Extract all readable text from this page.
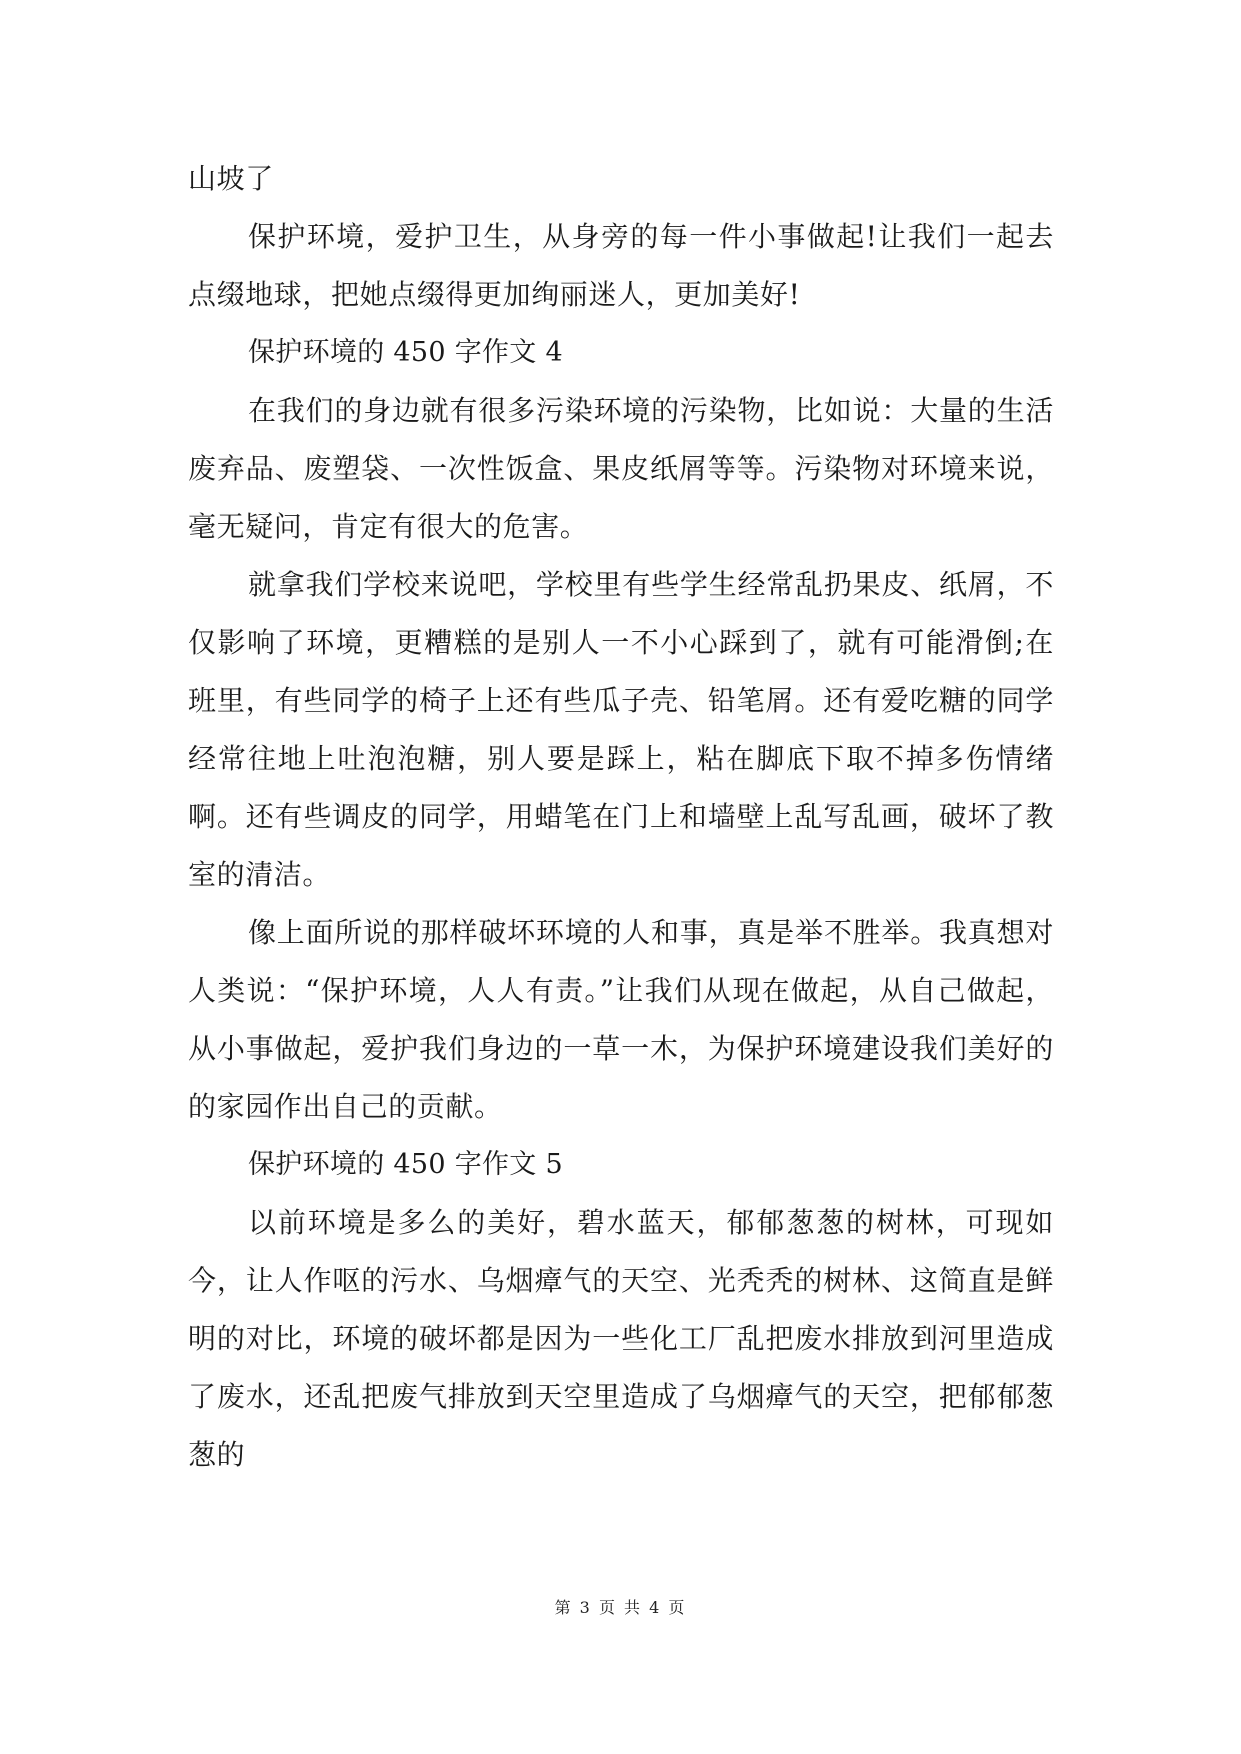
山坡了

保护环境，爱护卫生，从身旁的每一件小事做起!让我们一起去点缀地球，把她点缀得更加绚丽迷人，更加美好!

保护环境的 450 字作文 4

在我们的身边就有很多污染环境的污染物，比如说：大量的生活废弃品、废塑袋、一次性饭盒、果皮纸屑等等。污染物对环境来说，毫无疑问，肯定有很大的危害。

就拿我们学校来说吧，学校里有些学生经常乱扔果皮、纸屑，不仅影响了环境，更糟糕的是别人一不小心踩到了，就有可能滑倒;在班里，有些同学的椅子上还有些瓜子壳、铅笔屑。还有爱吃糖的同学经常往地上吐泡泡糖，别人要是踩上，粘在脚底下取不掉多伤情绪啊。还有些调皮的同学，用蜡笔在门上和墙壁上乱写乱画，破坏了教室的清洁。

像上面所说的那样破坏环境的人和事，真是举不胜举。我真想对人类说：“保护环境，人人有责。”让我们从现在做起，从自己做起，从小事做起，爱护我们身边的一草一木，为保护环境建设我们美好的的家园作出自己的贡献。

保护环境的 450 字作文 5

以前环境是多么的美好，碧水蓝天，郁郁葱葱的树林，可现如今，让人作呕的污水、乌烟瘴气的天空、光秃秃的树林、这简直是鲜明的对比，环境的破坏都是因为一些化工厂乱把废水排放到河里造成了废水，还乱把废气排放到天空里造成了乌烟瘴气的天空，把郁郁葱葱的

第 3 页 共 4 页
